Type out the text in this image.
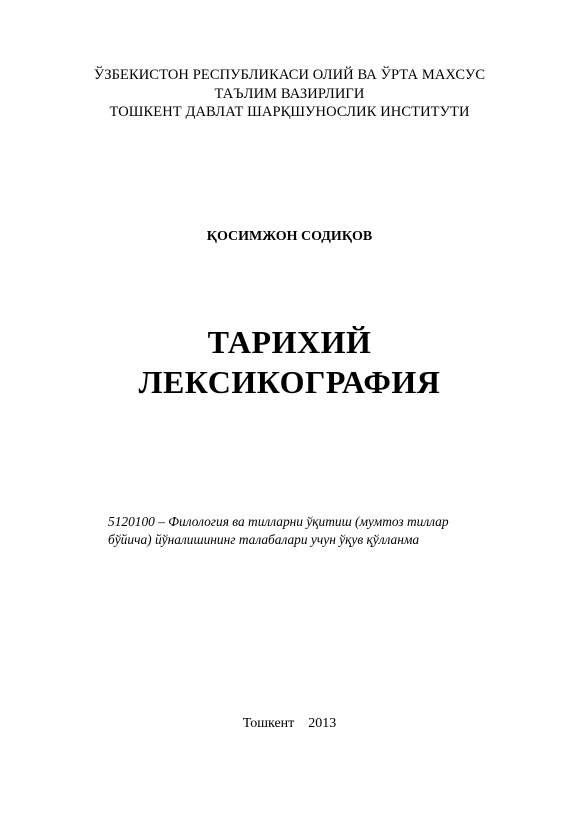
ЎЗБЕКИСТОН РЕСПУБЛИКАСИ ОЛИЙ ВА ЎРТА МАХСУС
ТАЪЛИМ ВАЗИРЛИГИ
ТОШКЕНТ ДАВЛАТ ШАРҚШУНОСЛИК ИНСТИТУТИ
ҚОСИМЖОН СОДИҚОВ
ТАРИХИЙ
ЛЕКСИКОГРАФИЯ
5120100 – Филология ва тилларни ўқитиш (мумтоз тиллар
бўйича) йўналишининг талабалари учун ўқув қўлланма
Тошкент 2013
